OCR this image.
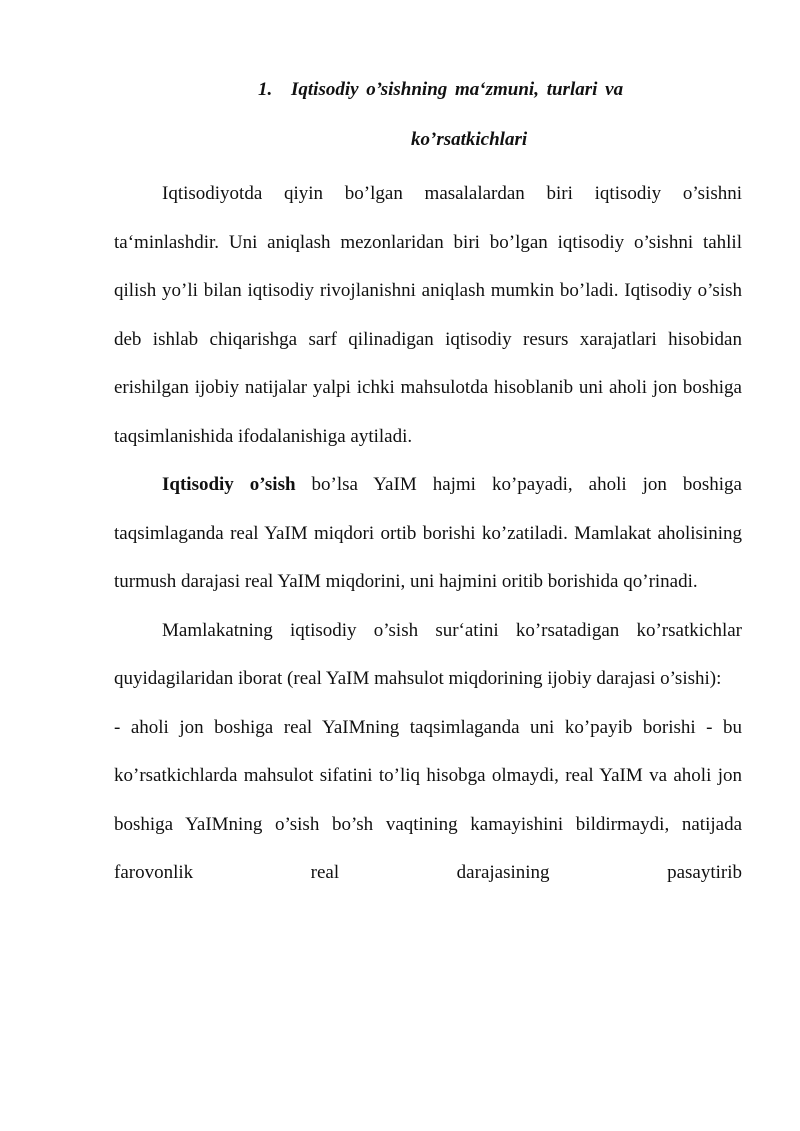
1. Iqtisodiy o’sishning ma‘zmuni, turlari va
ko’rsatkichlari

Iqtisodiyotda qiyin bo’lgan masalalardan biri iqtisodiy o’sishni ta‘minlashdir. Uni aniqlash mezonlaridan biri bo’lgan iqtisodiy o’sishni tahlil qilish yo’li bilan iqtisodiy rivojlanishni aniqlash mumkin bo’ladi. Iqtisodiy o’sish deb ishlab chiqarishga sarf qilinadigan iqtisodiy resurs xarajatlari hisobidan erishilgan ijobiy natijalar yalpi ichki mahsulotda hisoblanib uni aholi jon boshiga taqsimlanishida ifodalanishiga aytiladi.

Iqtisodiy o’sish bo’lsa YaIM hajmi ko’payadi, aholi jon boshiga taqsimlaganda real YaIM miqdori ortib borishi ko’zatiladi. Mamlakat aholisining turmush darajasi real YaIM miqdorini, uni hajmini oritib borishida qo’rinadi.

Mamlakatning iqtisodiy o’sish sur‘atini ko’rsatadigan ko’rsatkichlar quyidagilaridan iborat (real YaIM mahsulot miqdorining ijobiy darajasi o’sishi):

- aholi jon boshiga real YaIMning taqsimlaganda uni ko’payib borishi - bu ko’rsatkichlarda mahsulot sifatini to’liq hisobga olmaydi, real YaIM va aholi jon boshiga YaIMning o’sish bo’sh vaqtining kamayishini bildirmaydi, natijada farovonlik real darajasining pasaytirib
